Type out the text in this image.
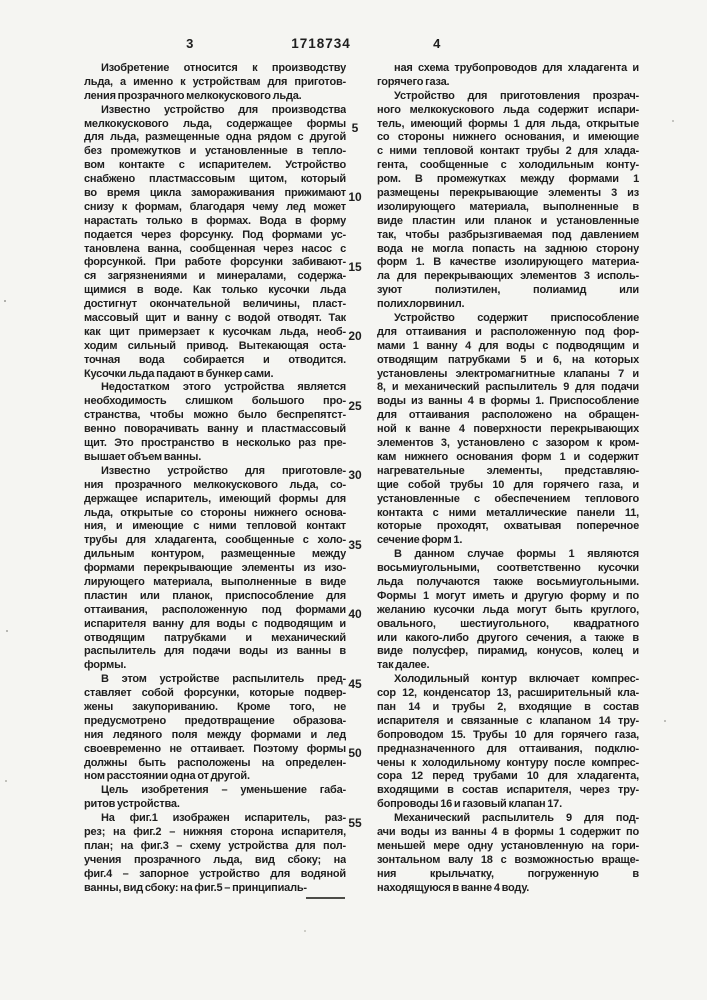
3	1718734	4
Изобретение относится к производству
льда, а именно к устройствам для приготов-
ления прозрачного мелкокускового льда.
Известно устройство для производства
мелкокускового льда, содержащее формы
для льда, размещенные одна рядом с другой
без промежутков и установленные в тепло-
вом контакте с испарителем. Устройство
снабжено пластмассовым щитом, который
во время цикла замораживания прижимают
снизу к формам, благодаря чему лед может
нарастать только в формах. Вода в форму
подается через форсунку. Под формами ус-
тановлена ванна, сообщенная через насос с
форсункой. При работе форсунки забивают-
ся загрязнениями и минералами, содержа-
щимися в воде. Как только кусочки льда
достигнут окончательной величины, пласт-
массовый щит и ванну с водой отводят. Так
как щит примерзает к кусочкам льда, необ-
ходим сильный привод. Вытекающая оста-
точная вода собирается и отводится.
Кусочки льда падают в бункер сами.
Недостатком этого устройства является
необходимость слишком большого про-
странства, чтобы можно было беспрепятст-
венно поворачивать ванну и пластмассовый
щит. Это пространство в несколько раз пре-
вышает объем ванны.
Известно устройство для приготовле-
ния прозрачного мелкокускового льда, со-
держащее испаритель, имеющий формы для
льда, открытые со стороны нижнего основа-
ния, и имеющие с ними тепловой контакт
трубы для хладагента, сообщенные с холо-
дильным контуром, размещенные между
формами перекрывающие элементы из изо-
лирующего материала, выполненные в виде
пластин или планок, приспособление для
оттаивания, расположенную под формами
испарителя ванну для воды с подводящим и
отводящим патрубками и механический
распылитель для подачи воды из ванны в
формы.
В этом устройстве распылитель пред-
ставляет собой форсунки, которые подвер-
жены закупориванию. Кроме того, не
предусмотрено предотвращение образова-
ния ледяного поля между формами и лед
своевременно не оттаивает. Поэтому формы
должны быть расположены на определен-
ном расстоянии одна от другой.
Цель изобретения – уменьшение габа-
ритов устройства.
На фиг.1 изображен испаритель, раз-
рез; на фиг.2 – нижняя сторона испарителя,
план; на фиг.3 – схему устройства для пол-
учения прозрачного льда, вид сбоку; на
фиг.4 – запорное устройство для водяной
ванны, вид сбоку: на фиг.5 – принципиаль-
ная схема трубопроводов для хладагента и
горячего газа.
Устройство для приготовления прозрач-
ного мелкокускового льда содержит испари-
тель, имеющий формы 1 для льда, открытые
со стороны нижнего основания, и имеющие
с ними тепловой контакт трубы 2 для хлада-
гента, сообщенные с холодильным конту-
ром. В промежутках между формами 1
размещены перекрывающие элементы 3 из
изолирующего материала, выполненные в
виде пластин или планок и установленные
так, чтобы разбрызгиваемая под давлением
вода не могла попасть на заднюю сторону
форм 1. В качестве изолирующего материа-
ла для перекрывающих элементов 3 исполь-
зуют полиэтилен, полиамид или
полихлорвинил.
Устройство содержит приспособление
для оттаивания и расположенную под фор-
мами 1 ванну 4 для воды с подводящим и
отводящим патрубками 5 и 6, на которых
установлены электромагнитные клапаны 7 и
8, и механический распылитель 9 для подачи
воды из ванны 4 в формы 1. Приспособление
для оттаивания расположено на обращен-
ной к ванне 4 поверхности перекрывающих
элементов 3, установлено с зазором к кром-
кам нижнего основания форм 1 и содержит
нагревательные элементы, представляю-
щие собой трубы 10 для горячего газа, и
установленные с обеспечением теплового
контакта с ними металлические панели 11,
которые проходят, охватывая поперечное
сечение форм 1.
В данном случае формы 1 являются
восьмиугольными, соответственно кусочки
льда получаются также восьмиугольными.
Формы 1 могут иметь и другую форму и по
желанию кусочки льда могут быть круглого,
овального, шестиугольного, квадратного
или какого-либо другого сечения, а также в
виде полусфер, пирамид, конусов, колец и
так далее.
Холодильный контур включает компрес-
сор 12, конденсатор 13, расширительный кла-
пан 14 и трубы 2, входящие в состав
испарителя и связанные с клапаном 14 тру-
бопроводом 15. Трубы 10 для горячего газа,
предназначенного для оттаивания, подклю-
чены к холодильному контуру после компрес-
сора 12 перед трубами 10 для хладагента,
входящими в состав испарителя, через тру-
бопроводы 16 и газовый клапан 17.
Механический распылитель 9 для под-
ачи воды из ванны 4 в формы 1 содержит по
меньшей мере одну установленную на гори-
зонтальном валу 18 с возможностью враще-
ния крыльчатку, погруженную в
находящуюся в ванне 4 воду.
5
10
15
20
25
30
35
40
45
50
55
